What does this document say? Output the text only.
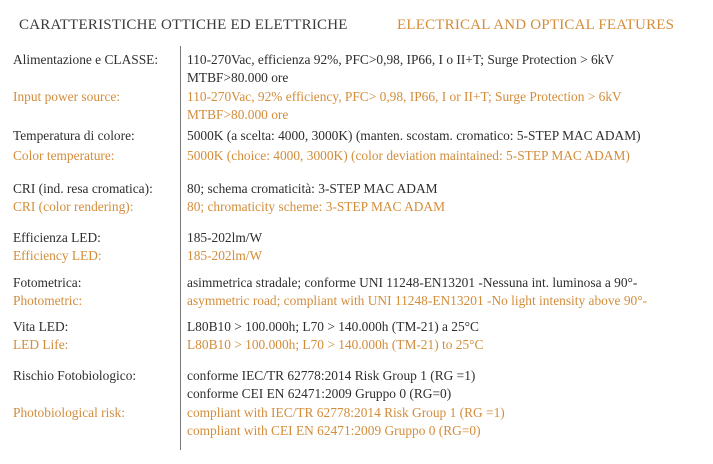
CARATTERISTICHE OTTICHE ED ELETTRICHE	ELECTRICAL AND OPTICAL FEATURES
Alimentazione e CLASSE: 110-270Vac, efficienza 92%, PFC>0,98, IP66, I o II+T; Surge Protection > 6kV
MTBF>80.000 ore
Input power source:	110-270Vac, 92% efficiency, PFC> 0,98, IP66, I or II+T; Surge Protection > 6kV
MTBF>80.000 ore
Temperatura di colore:	5000K (a scelta: 4000, 3000K) (manten. scostam. cromatico: 5-STEP MAC ADAM)
Color temperature:	5000K (choice: 4000, 3000K) (color deviation maintained: 5-STEP MAC ADAM)
CRI (ind. resa cromatica):	80; schema cromaticità: 3-STEP MAC ADAM
CRI (color rendering):	80; chromaticity scheme: 3-STEP MAC ADAM
Efficienza LED:	185-202lm/W
Efficiency LED:	185-202lm/W
Fotometrica:	asimmetrica stradale; conforme UNI 11248-EN13201 -Nessuna int. luminosa a 90°-
Photometric:	asymmetric road; compliant with UNI 11248-EN13201 -No light intensity above 90°-
Vita LED:	L80B10 > 100.000h; L70 > 140.000h (TM-21) a 25°C
LED Life:	L80B10 > 100.000h; L70 > 140.000h (TM-21) to 25°C
Rischio Fotobiologico:	conforme IEC/TR 62778:2014 Risk Group 1 (RG =1)
conforme CEI EN 62471:2009 Gruppo 0 (RG=0)
Photobiological risk:	compliant with IEC/TR 62778:2014 Risk Group 1 (RG =1)
compliant with CEI EN 62471:2009 Gruppo 0 (RG=0)
